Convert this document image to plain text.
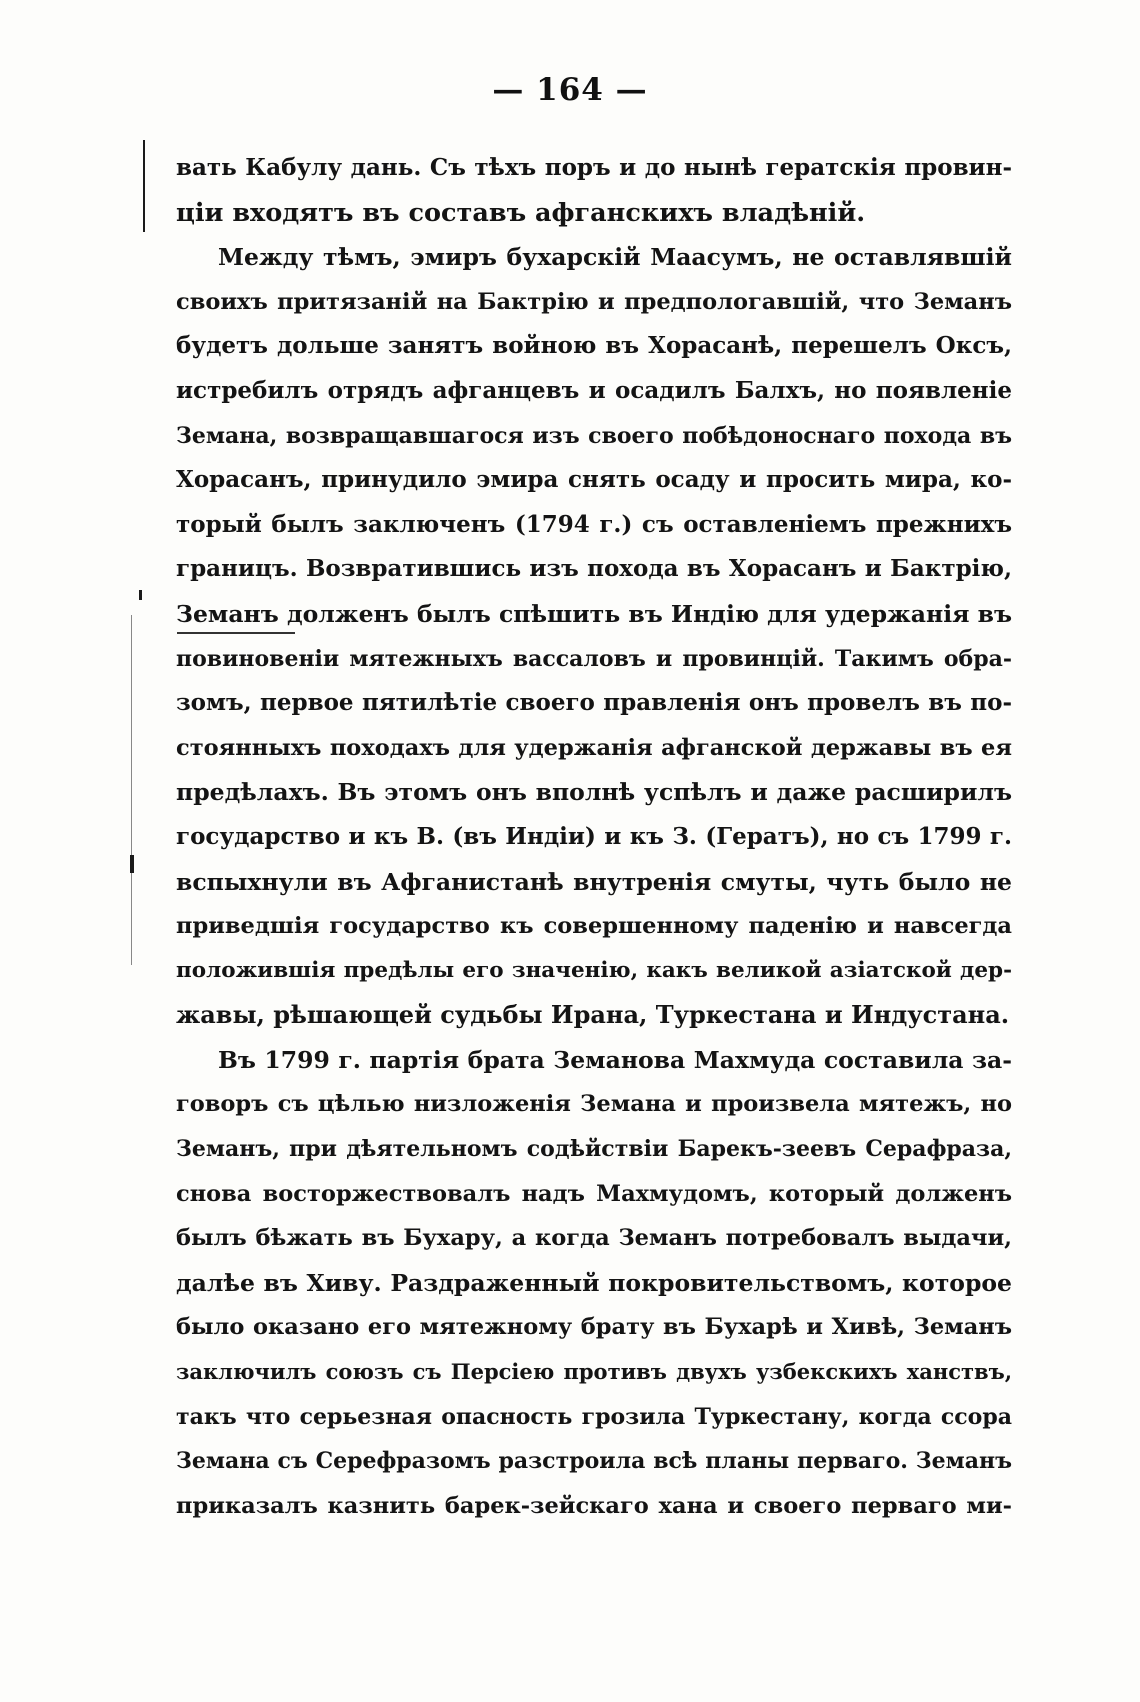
— 164 —
вать Кабулу дань. Съ тѣхъ поръ и до нынѣ гератскія провин-
ціи входятъ въ составъ афганскихъ владѣній.
Между тѣмъ, эмиръ бухарскій Маасумъ, не оставлявшій
своихъ притязаній на Бактрію и предпологавшій, что Земанъ
будетъ дольше занятъ войною въ Хорасанѣ, перешелъ Оксъ,
истребилъ отрядъ афганцевъ и осадилъ Балхъ, но появленіе
Земана, возвращавшагося изъ своего побѣдоноснаго похода въ
Хорасанъ, принудило эмира снять осаду и просить мира, ко-
торый былъ заключенъ (1794 г.) съ оставленіемъ прежнихъ
границъ. Возвратившись изъ похода въ Хорасанъ и Бактрію,
Земанъ долженъ былъ спѣшить въ Индію для удержанія въ
повиновеніи мятежныхъ вассаловъ и провинцій. Такимъ обра-
зомъ, первое пятилѣтіе своего правленія онъ провелъ въ по-
стоянныхъ походахъ для удержанія афганской державы въ ея
предѣлахъ. Въ этомъ онъ вполнѣ успѣлъ и даже расширилъ
государство и къ В. (въ Индіи) и къ З. (Гератъ), но съ 1799 г.
вспыхнули въ Афганистанѣ внутренія смуты, чуть было не
приведшія государство къ совершенному паденію и навсегда
положившія предѣлы его значенію, какъ великой азіатской дер-
жавы, рѣшающей судьбы Ирана, Туркестана и Индустана.
Въ 1799 г. партія брата Земанова Махмуда составила за-
говоръ съ цѣлью низложенія Земана и произвела мятежъ, но
Земанъ, при дѣятельномъ содѣйствіи Барекъ-зеевъ Серафраза,
снова восторжествовалъ надъ Махмудомъ, который долженъ
былъ бѣжать въ Бухару, а когда Земанъ потребовалъ выдачи,
далѣе въ Хиву. Раздраженный покровительствомъ, которое
было оказано его мятежному брату въ Бухарѣ и Хивѣ, Земанъ
заключилъ союзъ съ Персіею противъ двухъ узбекскихъ ханствъ,
такъ что серьезная опасность грозила Туркестану, когда ссора
Земана съ Серефразомъ разстроила всѣ планы перваго. Земанъ
приказалъ казнить барек-зейскаго хана и своего перваго ми-
